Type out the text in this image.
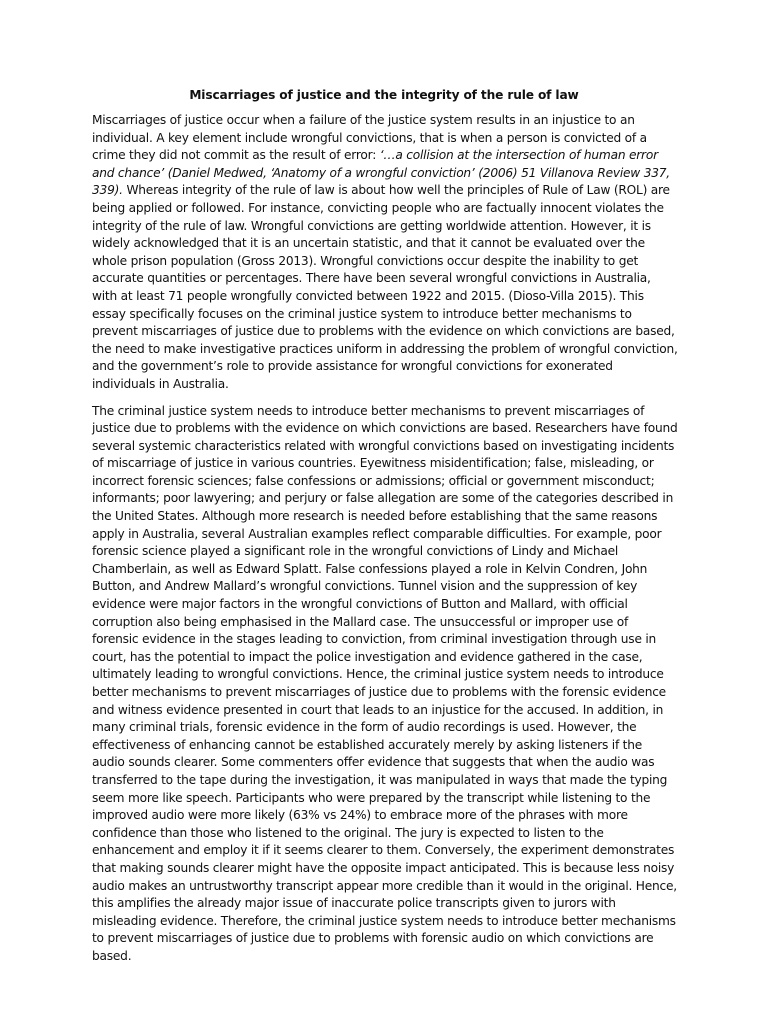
Miscarriages of justice and the integrity of the rule of law

Miscarriages of justice occur when a failure of the justice system results in an injustice to an individual. A key element include wrongful convictions, that is when a person is convicted of a crime they did not commit as the result of error: ‘…a collision at the intersection of human error and chance’ (Daniel Medwed, ‘Anatomy of a wrongful conviction’ (2006) 51 Villanova Review 337, 339). Whereas integrity of the rule of law is about how well the principles of Rule of Law (ROL) are being applied or followed. For instance, convicting people who are factually innocent violates the integrity of the rule of law. Wrongful convictions are getting worldwide attention. However, it is widely acknowledged that it is an uncertain statistic, and that it cannot be evaluated over the whole prison population (Gross 2013). Wrongful convictions occur despite the inability to get accurate quantities or percentages. There have been several wrongful convictions in Australia, with at least 71 people wrongfully convicted between 1922 and 2015. (Dioso-Villa 2015). This essay specifically focuses on the criminal justice system to introduce better mechanisms to prevent miscarriages of justice due to problems with the evidence on which convictions are based, the need to make investigative practices uniform in addressing the problem of wrongful conviction, and the government’s role to provide assistance for wrongful convictions for exonerated individuals in Australia.

The criminal justice system needs to introduce better mechanisms to prevent miscarriages of justice due to problems with the evidence on which convictions are based. Researchers have found several systemic characteristics related with wrongful convictions based on investigating incidents of miscarriage of justice in various countries. Eyewitness misidentification; false, misleading, or incorrect forensic sciences; false confessions or admissions; official or government misconduct; informants; poor lawyering; and perjury or false allegation are some of the categories described in the United States. Although more research is needed before establishing that the same reasons apply in Australia, several Australian examples reflect comparable difficulties. For example, poor forensic science played a significant role in the wrongful convictions of Lindy and Michael Chamberlain, as well as Edward Splatt. False confessions played a role in Kelvin Condren, John Button, and Andrew Mallard’s wrongful convictions. Tunnel vision and the suppression of key evidence were major factors in the wrongful convictions of Button and Mallard, with official corruption also being emphasised in the Mallard case. The unsuccessful or improper use of forensic evidence in the stages leading to conviction, from criminal investigation through use in court, has the potential to impact the police investigation and evidence gathered in the case, ultimately leading to wrongful convictions. Hence, the criminal justice system needs to introduce better mechanisms to prevent miscarriages of justice due to problems with the forensic evidence and witness evidence presented in court that leads to an injustice for the accused. In addition, in many criminal trials, forensic evidence in the form of audio recordings is used. However, the effectiveness of enhancing cannot be established accurately merely by asking listeners if the audio sounds clearer. Some commenters offer evidence that suggests that when the audio was transferred to the tape during the investigation, it was manipulated in ways that made the typing seem more like speech. Participants who were prepared by the transcript while listening to the improved audio were more likely (63% vs 24%) to embrace more of the phrases with more confidence than those who listened to the original. The jury is expected to listen to the enhancement and employ it if it seems clearer to them. Conversely, the experiment demonstrates that making sounds clearer might have the opposite impact anticipated. This is because less noisy audio makes an untrustworthy transcript appear more credible than it would in the original. Hence, this amplifies the already major issue of inaccurate police transcripts given to jurors with misleading evidence. Therefore, the criminal justice system needs to introduce better mechanisms to prevent miscarriages of justice due to problems with forensic audio on which convictions are based.
